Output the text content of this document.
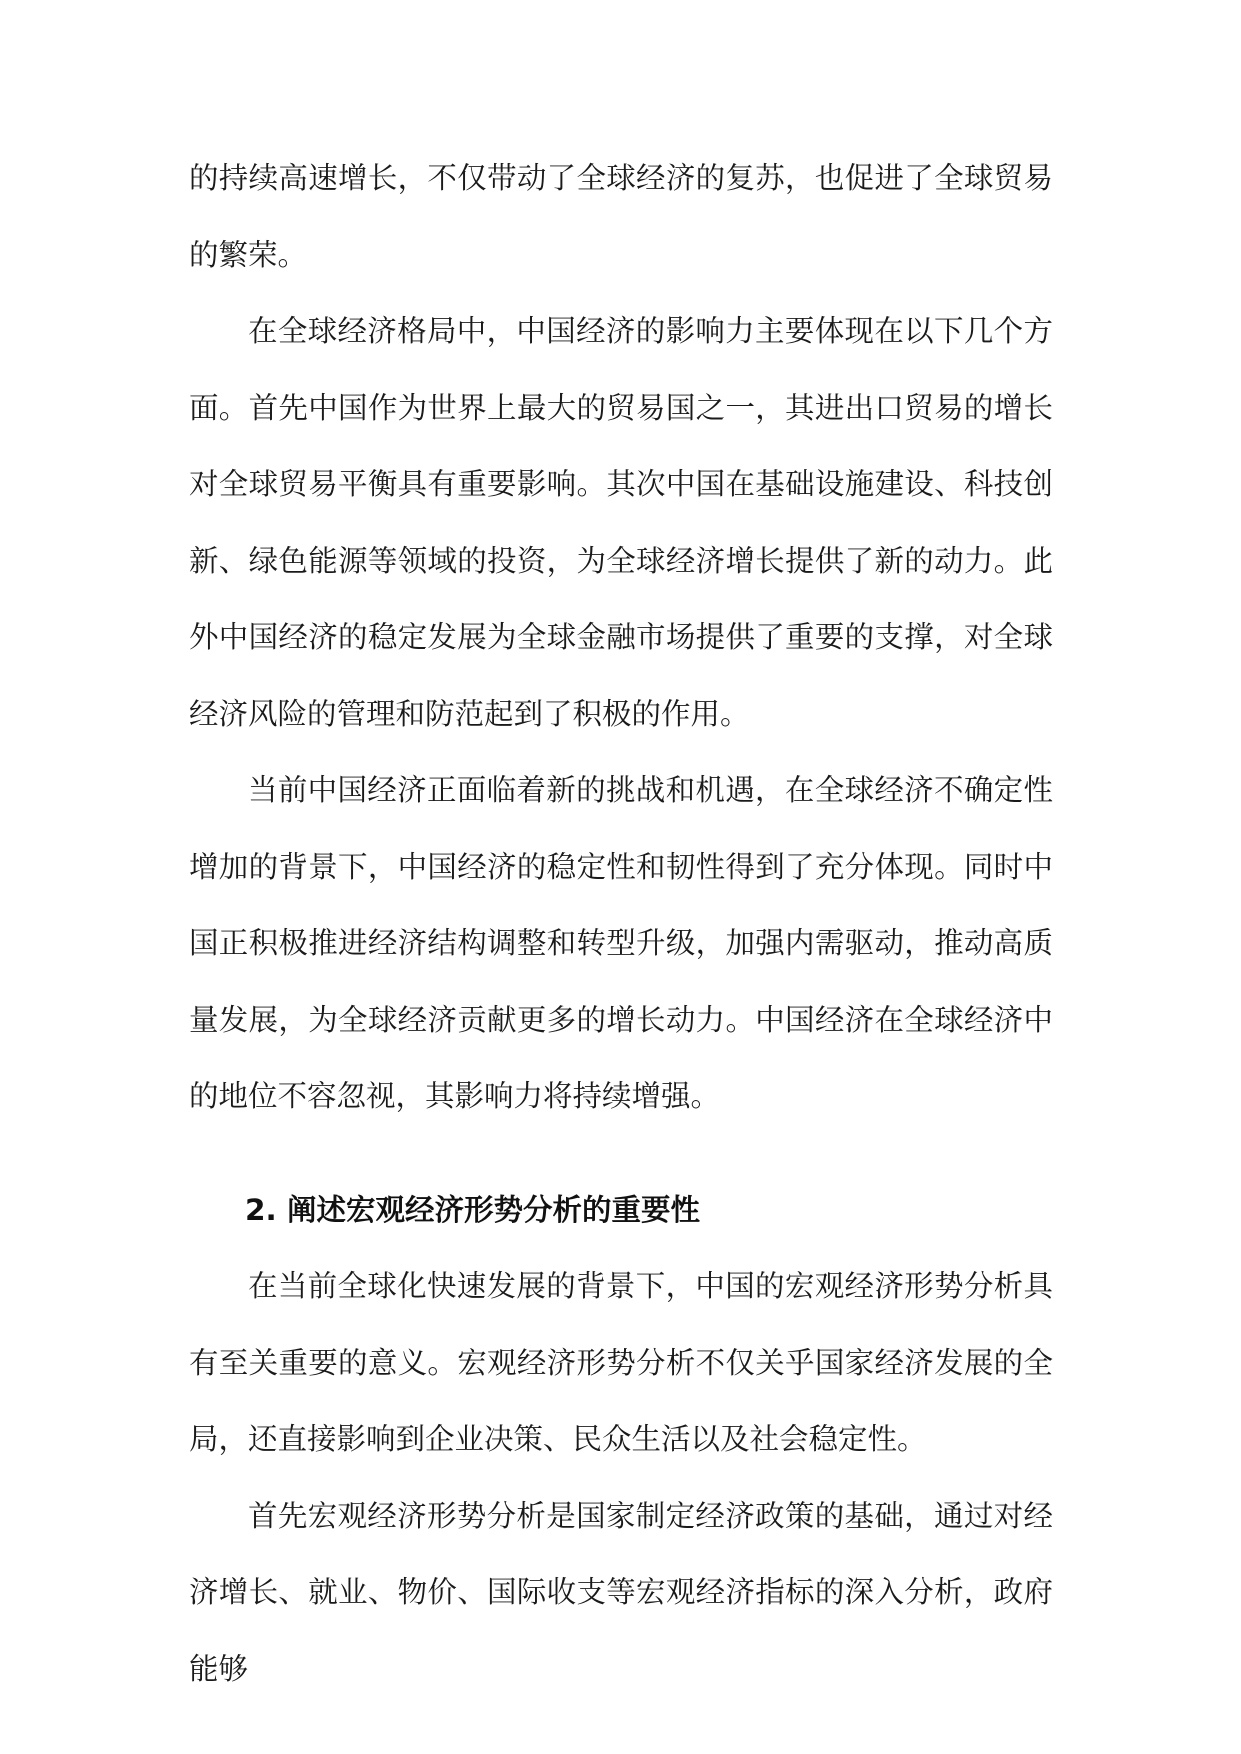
的持续高速增长，不仅带动了全球经济的复苏，也促进了全球贸易的繁荣。

在全球经济格局中，中国经济的影响力主要体现在以下几个方面。首先中国作为世界上最大的贸易国之一，其进出口贸易的增长对全球贸易平衡具有重要影响。其次中国在基础设施建设、科技创新、绿色能源等领域的投资，为全球经济增长提供了新的动力。此外中国经济的稳定发展为全球金融市场提供了重要的支撑，对全球经济风险的管理和防范起到了积极的作用。

当前中国经济正面临着新的挑战和机遇，在全球经济不确定性增加的背景下，中国经济的稳定性和韧性得到了充分体现。同时中国正积极推进经济结构调整和转型升级，加强内需驱动，推动高质量发展，为全球经济贡献更多的增长动力。中国经济在全球经济中的地位不容忽视，其影响力将持续增强。

2. 阐述宏观经济形势分析的重要性

在当前全球化快速发展的背景下，中国的宏观经济形势分析具有至关重要的意义。宏观经济形势分析不仅关乎国家经济发展的全局，还直接影响到企业决策、民众生活以及社会稳定性。

首先宏观经济形势分析是国家制定经济政策的基础，通过对经济增长、就业、物价、国际收支等宏观经济指标的深入分析，政府能够
